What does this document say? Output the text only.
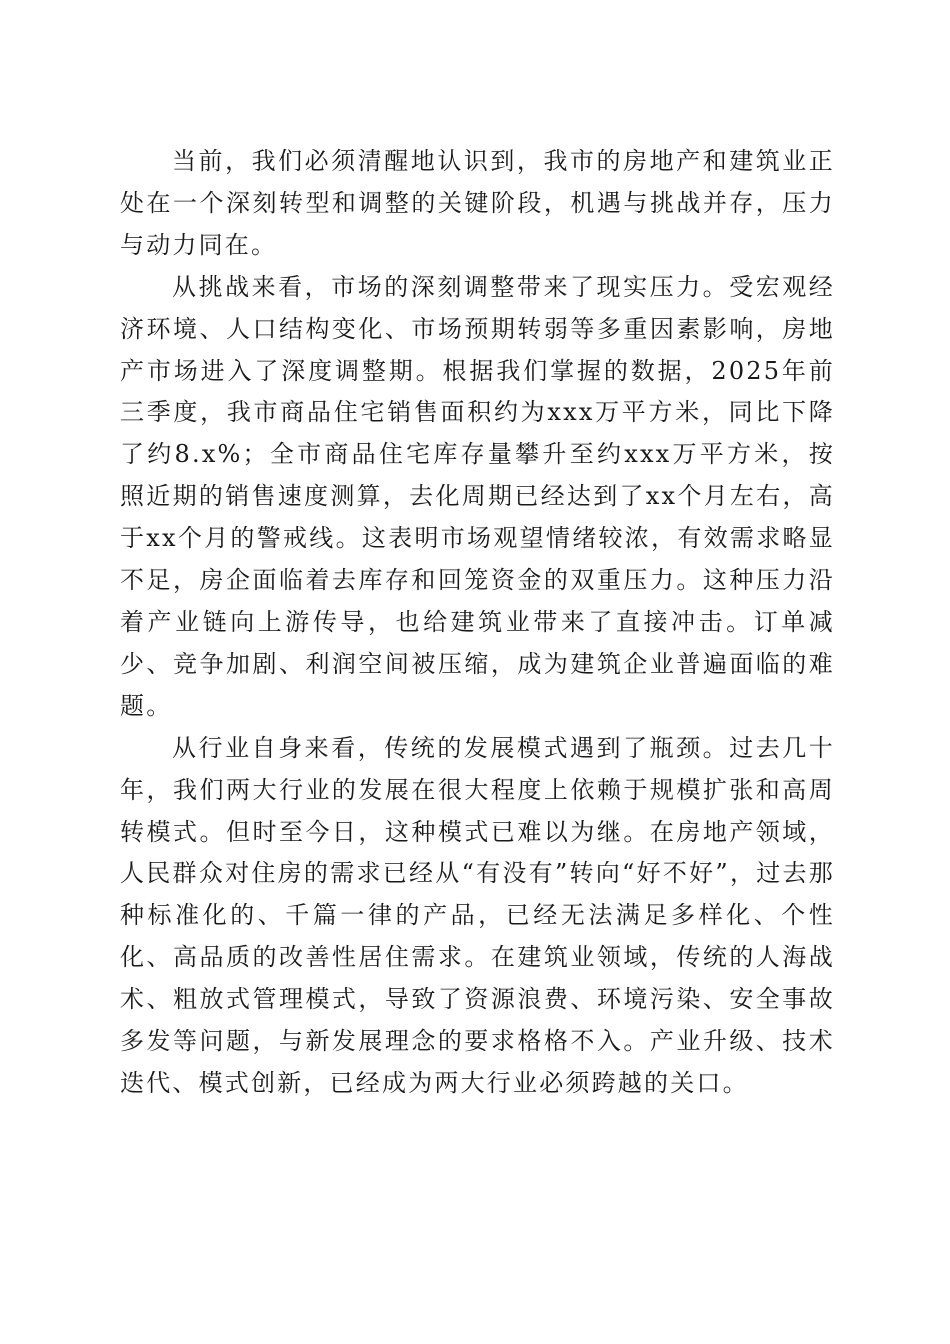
当前，我们必须清醒地认识到，我市的房地产和建筑业正处在一个深刻转型和调整的关键阶段，机遇与挑战并存，压力与动力同在。

从挑战来看，市场的深刻调整带来了现实压力。受宏观经济环境、人口结构变化、市场预期转弱等多重因素影响，房地产市场进入了深度调整期。根据我们掌握的数据，2025年前三季度，我市商品住宅销售面积约为xxx万平方米，同比下降了约8.x%；全市商品住宅库存量攀升至约xxx万平方米，按照近期的销售速度测算，去化周期已经达到了xx个月左右，高于xx个月的警戒线。这表明市场观望情绪较浓，有效需求略显不足，房企面临着去库存和回笼资金的双重压力。这种压力沿着产业链向上游传导，也给建筑业带来了直接冲击。订单减少、竞争加剧、利润空间被压缩，成为建筑企业普遍面临的难题。

从行业自身来看，传统的发展模式遇到了瓶颈。过去几十年，我们两大行业的发展在很大程度上依赖于规模扩张和高周转模式。但时至今日，这种模式已难以为继。在房地产领域，人民群众对住房的需求已经从“有没有”转向“好不好”，过去那种标准化的、千篇一律的产品，已经无法满足多样化、个性化、高品质的改善性居住需求。在建筑业领域，传统的人海战术、粗放式管理模式，导致了资源浪费、环境污染、安全事故多发等问题，与新发展理念的要求格格不入。产业升级、技术迭代、模式创新，已经成为两大行业必须跨越的关口。
